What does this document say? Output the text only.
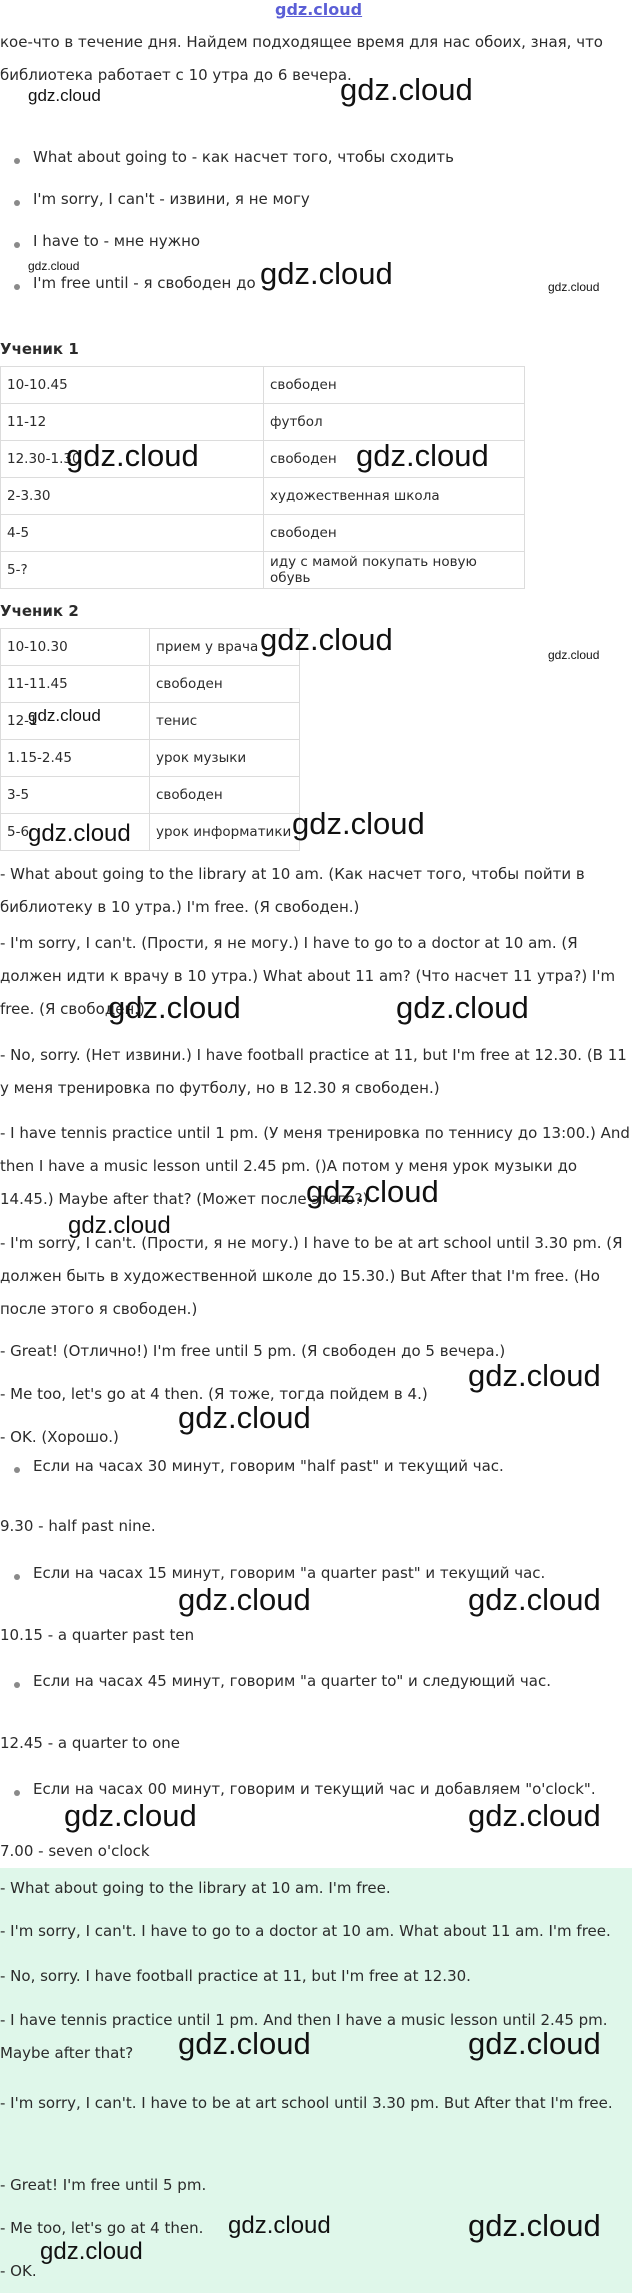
gdz.cloud
кое-что в течение дня. Найдем подходящее время для нас обоих, зная, что библиотека работает с 10 утра до 6 вечера.
What about going to - как насчет того, чтобы сходить
I'm sorry, I can't - извини, я не могу
I have to - мне нужно
I'm free until - я свободен до
Ученик 1
10-10.45	свободен
11-12	футбол
12.30-1.30	свободен
2-3.30	художественная школа
4-5	свободен
5-?	иду с мамой покупать новую обувь
Ученик 2
10-10.30	прием у врача
11-11.45	свободен
12-1	тенис
1.15-2.45	урок музыки
3-5	свободен
5-6	урок информатики
- What about going to the library at 10 am. (Как насчет того, чтобы пойти в библиотеку в 10 утра.) I'm free. (Я свободен.)
- I'm sorry, I can't. (Прости, я не могу.) I have to go to a doctor at 10 am. (Я должен идти к врачу в 10 утра.) What about 11 am? (Что насчет 11 утра?) I'm free. (Я свободен.)
- No, sorry. (Нет извини.) I have football practice at 11, but I'm free at 12.30. (В 11 у меня тренировка по футболу, но в 12.30 я свободен.)
- I have tennis practice until 1 pm. (У меня тренировка по теннису до 13:00.) And then I have a music lesson until 2.45 pm. ()А потом у меня урок музыки до 14.45.) Maybe after that? (Может после этого?)
- I'm sorry, I can't. (Прости, я не могу.) I have to be at art school until 3.30 pm. (Я должен быть в художественной школе до 15.30.) But After that I'm free. (Но после этого я свободен.)
- Great! (Отлично!) I'm free until 5 pm. (Я свободен до 5 вечера.)
- Me too, let's go at 4 then. (Я тоже, тогда пойдем в 4.)
- OK. (Хорошо.)
Если на часах 30 минут, говорим "half past" и текущий час.
9.30 - half past nine.
Если на часах 15 минут, говорим "a quarter past" и текущий час.
10.15 - a quarter past ten
Если на часах 45 минут, говорим "a quarter to" и следующий час.
12.45 - a quarter to one
Если на часах 00 минут, говорим и текущий час и добавляем "o'clock".
7.00 - seven o'clock
- What about going to the library at 10 am. I'm free.
- I'm sorry, I can't. I have to go to a doctor at 10 am. What about 11 am. I'm free.
- No, sorry. I have football practice at 11, but I'm free at 12.30.
- I have tennis practice until 1 pm. And then I have a music lesson until 2.45 pm. Maybe after that?
- I'm sorry, I can't. I have to be at art school until 3.30 pm. But After that I'm free.
- Great! I'm free until 5 pm.
- Me too, let's go at 4 then.
- OK.
gdz.cloud	gdz.cloud
gdz.cloud	gdz.cloud	gdz.cloud
gdz.cloud	gdz.cloud
gdz.cloud	gdz.cloud
gdz.cloud
gdz.cloud
gdz.cloud
gdz.cloud	gdz.cloud
gdz.cloud
gdz.cloud
gdz.cloud
gdz.cloud
gdz.cloud	gdz.cloud
gdz.cloud	gdz.cloud
gdz.cloud	gdz.cloud
gdz.cloud	gdz.cloud
gdz.cloud
